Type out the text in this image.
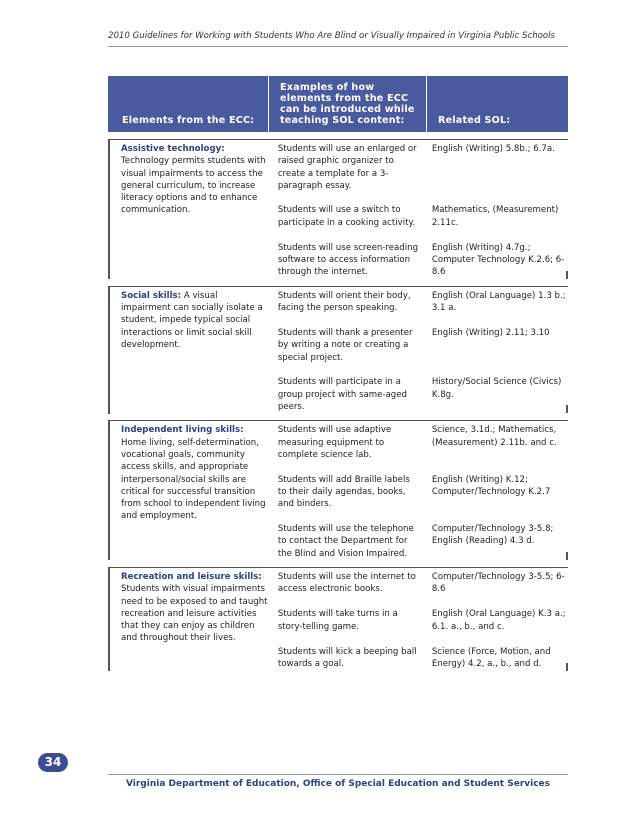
2010 Guidelines for Working with Students Who Are Blind or Visually Impaired in Virginia Public Schools
Elements from the ECC:
Examples of how elements from the ECC can be introduced while teaching SOL content:	Related SOL:
Assistive technology: Technology permits students with visual impairments to access the general curriculum, to increase literacy options and to enhance communication.
Students will use an enlarged or raised graphic organizer to create a template for a 3-paragraph essay.
Students will use a switch to participate in a cooking activity.
Students will use screen-reading software to access information through the internet.
English (Writing) 5.8b.; 6.7a.
Mathematics, (Measurement) 2.11c.
English (Writing) 4.7g.; Computer Technology K.2.6; 6-8.6
Social skills: A visual impairment can socially isolate a student, impede typical social interactions or limit social skill development.
Students will orient their body, facing the person speaking.
Students will thank a presenter by writing a note or creating a special project.
Students will participate in a group project with same-aged peers.
English (Oral Language) 1.3 b.; 3.1 a.
English (Writing) 2.11; 3.10
History/Social Science (Civics) K.8g.
Independent living skills: Home living, self-determination, vocational goals, community access skills, and appropriate interpersonal/social skills are critical for successful transition from school to independent living and employment.
Students will use adaptive measuring equipment to complete science lab.
Students will add Braille labels to their daily agendas, books, and binders.
Students will use the telephone to contact the Department for the Blind and Vision Impaired.
Science, 3.1d.; Mathematics,(Measurement) 2.11b. and c.
English (Writing) K.12; Computer/Technology K.2.7
Computer/Technology 3-5.8; English (Reading) 4.3 d.
Recreation and leisure skills: Students with visual impairments need to be exposed to and taught recreation and leisure activities that they can enjoy as children and throughout their lives.
Students will use the internet to access electronic books.
Students will take turns in a story-telling game.
Students will kick a beeping ball towards a goal.
Computer/Technology 3-5.5; 6-8.6
English (Oral Language) K.3 a.; 6.1. a., b., and c.
Science (Force, Motion, and Energy) 4.2, a., b., and d.
34
Virginia Department of Education, Office of Special Education and Student Services
